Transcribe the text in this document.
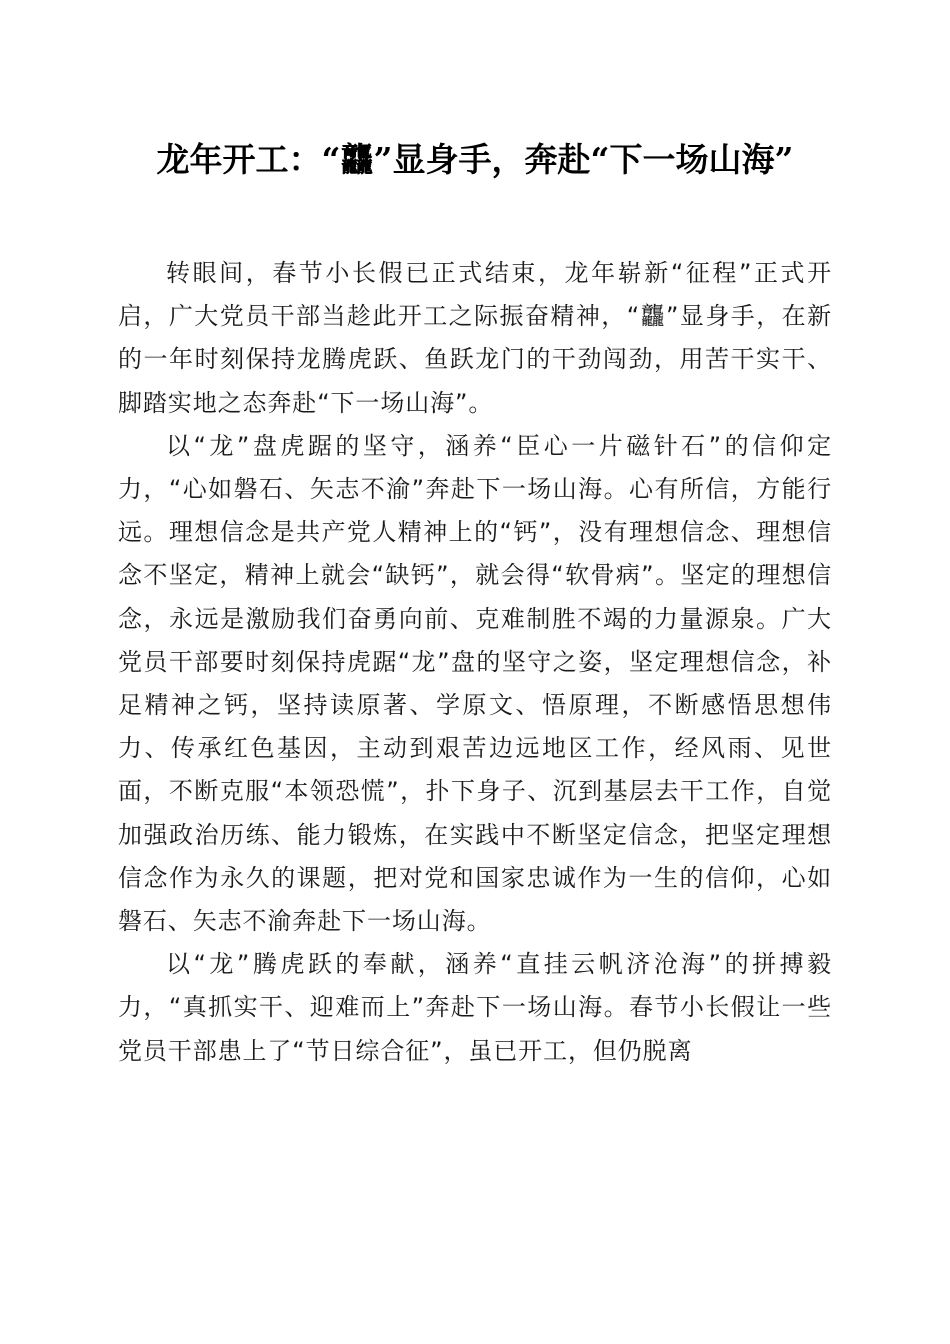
龙年开工：“龘”显身手，奔赴“下一场山海”

转眼间，春节小长假已正式结束，龙年崭新“征程”正式开启，广大党员干部当趁此开工之际振奋精神，“龘”显身手，在新的一年时刻保持龙腾虎跃、鱼跃龙门的干劲闯劲，用苦干实干、脚踏实地之态奔赴“下一场山海”。

以“龙”盘虎踞的坚守，涵养“臣心一片磁针石”的信仰定力，“心如磐石、矢志不渝”奔赴下一场山海。心有所信，方能行远。理想信念是共产党人精神上的“钙”，没有理想信念、理想信念不坚定，精神上就会“缺钙”，就会得“软骨病”。坚定的理想信念，永远是激励我们奋勇向前、克难制胜不竭的力量源泉。广大党员干部要时刻保持虎踞“龙”盘的坚守之姿，坚定理想信念，补足精神之钙，坚持读原著、学原文、悟原理，不断感悟思想伟力、传承红色基因，主动到艰苦边远地区工作，经风雨、见世面，不断克服“本领恐慌”，扑下身子、沉到基层去干工作，自觉加强政治历练、能力锻炼，在实践中不断坚定信念，把坚定理想信念作为永久的课题，把对党和国家忠诚作为一生的信仰，心如磐石、矢志不渝奔赴下一场山海。

以“龙”腾虎跃的奉献，涵养“直挂云帆济沧海”的拼搏毅力，“真抓实干、迎难而上”奔赴下一场山海。春节小长假让一些党员干部患上了“节日综合征”，虽已开工，但仍脱离
